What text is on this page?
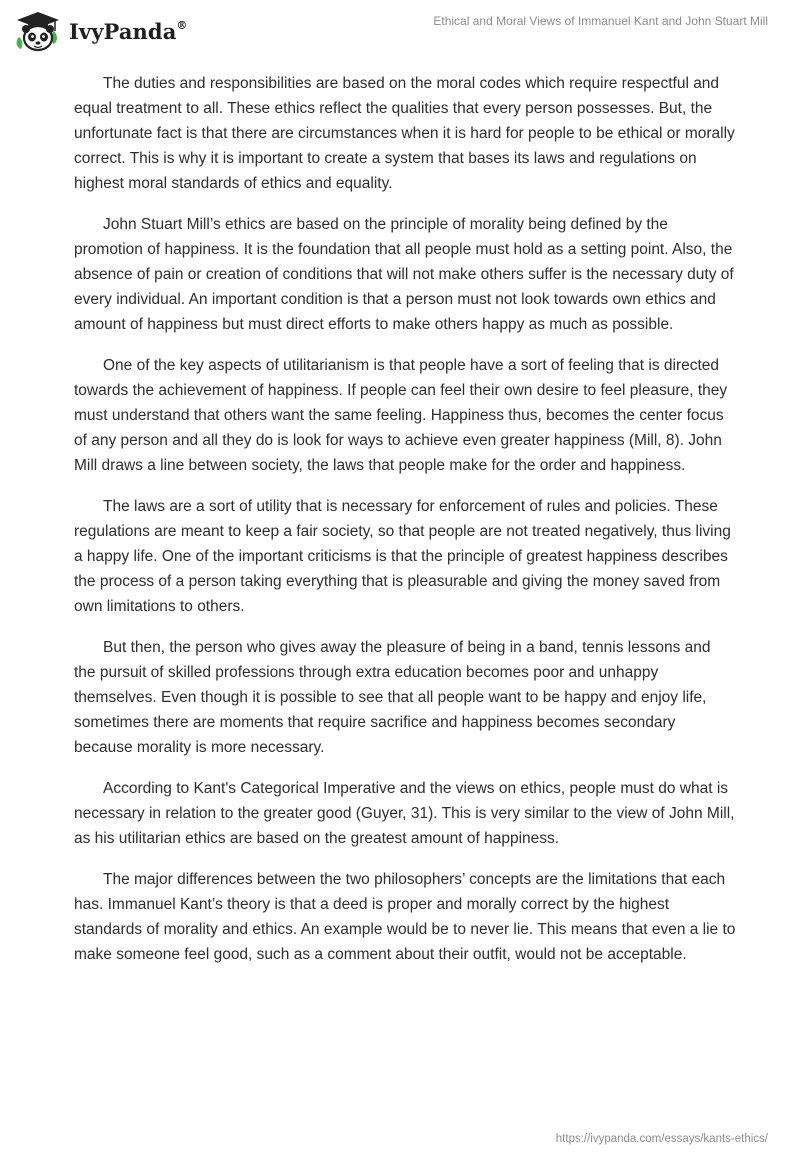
IvyPanda®	Ethical and Moral Views of Immanuel Kant and John Stuart Mill

The duties and responsibilities are based on the moral codes which require respectful and equal treatment to all. These ethics reflect the qualities that every person possesses. But, the unfortunate fact is that there are circumstances when it is hard for people to be ethical or morally correct. This is why it is important to create a system that bases its laws and regulations on highest moral standards of ethics and equality.

John Stuart Mill’s ethics are based on the principle of morality being defined by the promotion of happiness. It is the foundation that all people must hold as a setting point. Also, the absence of pain or creation of conditions that will not make others suffer is the necessary duty of every individual. An important condition is that a person must not look towards own ethics and amount of happiness but must direct efforts to make others happy as much as possible.

One of the key aspects of utilitarianism is that people have a sort of feeling that is directed towards the achievement of happiness. If people can feel their own desire to feel pleasure, they must understand that others want the same feeling. Happiness thus, becomes the center focus of any person and all they do is look for ways to achieve even greater happiness (Mill, 8). John Mill draws a line between society, the laws that people make for the order and happiness.

The laws are a sort of utility that is necessary for enforcement of rules and policies. These regulations are meant to keep a fair society, so that people are not treated negatively, thus living a happy life. One of the important criticisms is that the principle of greatest happiness describes the process of a person taking everything that is pleasurable and giving the money saved from own limitations to others.

But then, the person who gives away the pleasure of being in a band, tennis lessons and the pursuit of skilled professions through extra education becomes poor and unhappy themselves. Even though it is possible to see that all people want to be happy and enjoy life, sometimes there are moments that require sacrifice and happiness becomes secondary because morality is more necessary.

According to Kant's Categorical Imperative and the views on ethics, people must do what is necessary in relation to the greater good (Guyer, 31). This is very similar to the view of John Mill, as his utilitarian ethics are based on the greatest amount of happiness.

The major differences between the two philosophers’ concepts are the limitations that each has. Immanuel Kant’s theory is that a deed is proper and morally correct by the highest standards of morality and ethics. An example would be to never lie. This means that even a lie to make someone feel good, such as a comment about their outfit, would not be acceptable.

https://ivypanda.com/essays/kants-ethics/
